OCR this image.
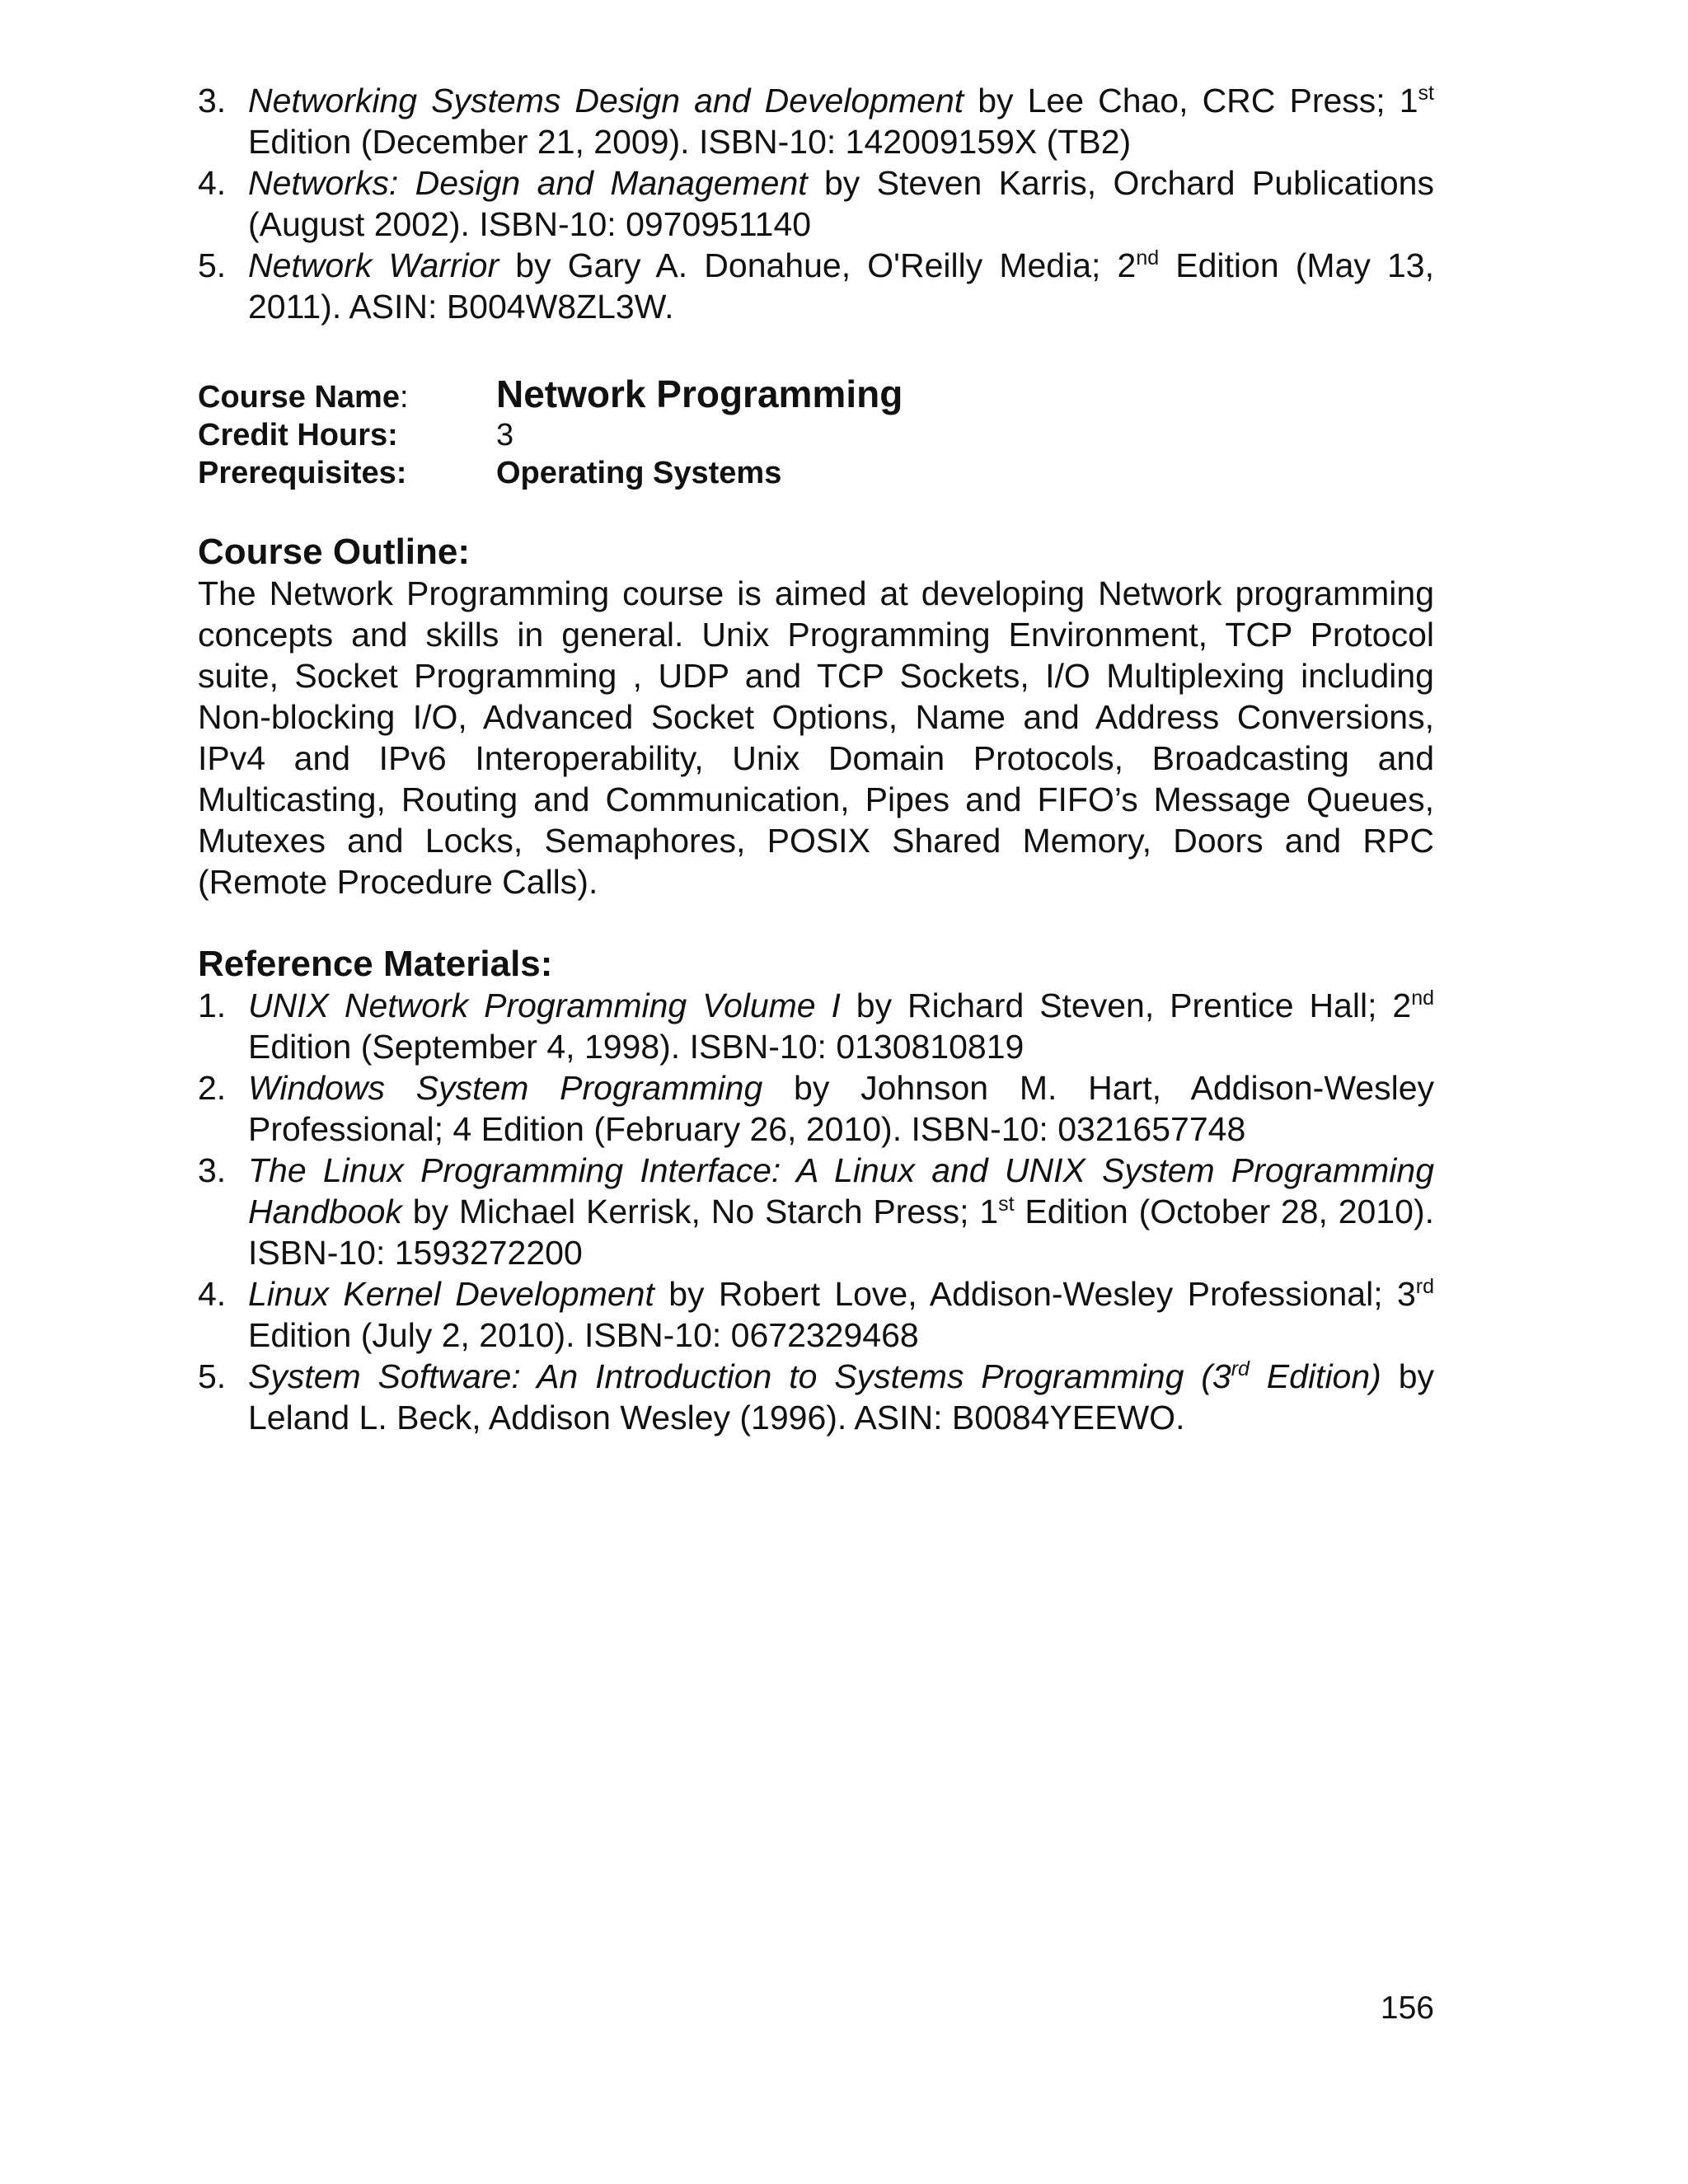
3. Networking Systems Design and Development by Lee Chao, CRC Press; 1st Edition (December 21, 2009). ISBN-10: 142009159X (TB2)
4. Networks: Design and Management by Steven Karris, Orchard Publications (August 2002). ISBN-10: 0970951140
5. Network Warrior by Gary A. Donahue, O'Reilly Media; 2nd Edition (May 13, 2011). ASIN: B004W8ZL3W.
Course Name: Network Programming
Credit Hours:	3
Prerequisites:	Operating Systems
Course Outline:

The Network Programming course is aimed at developing Network programming concepts and skills in general. Unix Programming Environment, TCP Protocol suite, Socket Programming , UDP and TCP Sockets, I/O Multiplexing including Non-blocking I/O, Advanced Socket Options, Name and Address Conversions, IPv4 and IPv6 Interoperability, Unix Domain Protocols, Broadcasting and Multicasting, Routing and Communication, Pipes and FIFO’s Message Queues, Mutexes and Locks, Semaphores, POSIX Shared Memory, Doors and RPC (Remote Procedure Calls).

Reference Materials:
1. UNIX Network Programming Volume I by Richard Steven, Prentice Hall; 2nd Edition (September 4, 1998). ISBN-10: 0130810819
2. Windows System Programming by Johnson M. Hart, Addison-Wesley Professional; 4 Edition (February 26, 2010). ISBN-10: 0321657748
3. The Linux Programming Interface: A Linux and UNIX System Programming Handbook by Michael Kerrisk, No Starch Press; 1st Edition (October 28, 2010). ISBN-10: 1593272200
4. Linux Kernel Development by Robert Love, Addison-Wesley Professional; 3rd Edition (July 2, 2010). ISBN-10: 0672329468
5. System Software: An Introduction to Systems Programming (3rd Edition) by Leland L. Beck, Addison Wesley (1996). ASIN: B0084YEEWO.
156
